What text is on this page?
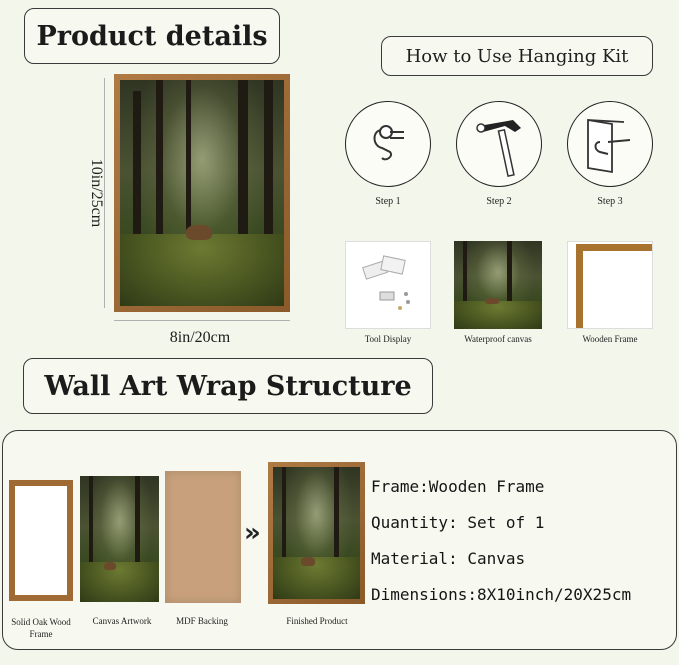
Product details
How to Use Hanging Kit
10in/25cm
8in/20cm
Step 1	Step 2	Step 3
Tool Display	Waterproof canvas	Wooden Frame
Wall Art Wrap Structure
»
Solid Oak Wood Frame
Canvas Artwork	MDF Backing	Finished Product
Frame:Wooden Frame
Quantity: Set of 1
Material: Canvas
Dimensions:8X10inch/20X25cm
